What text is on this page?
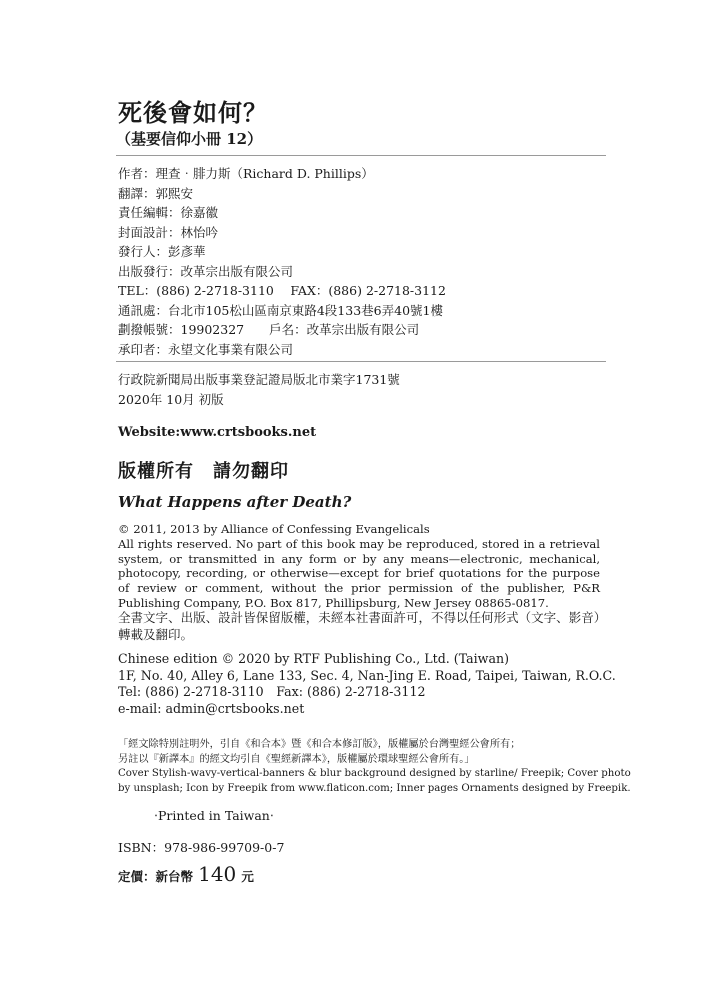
死後會如何？
（基要信仰小冊 12）
作者：理查‧腓力斯（Richard D. Phillips）
翻譯：郭熙安
責任編輯：徐嘉徽
封面設計：林怡吟
發行人：彭彥華
出版發行：改革宗出版有限公司
TEL：(886) 2-2718-3110　 FAX：(886) 2-2718-3112
通訊處：台北市105松山區南京東路4段133巷6弄40號1樓
劃撥帳號：19902327　　戶名：改革宗出版有限公司
承印者：永望文化事業有限公司
行政院新聞局出版事業登記證局版北市業字1731號
2020年 10月 初版
Website:www.crtsbooks.net
版權所有　請勿翻印
What Happens after Death?
© 2011, 2013 by Alliance of Confessing Evangelicals
All rights reserved. No part of this book may be reproduced, stored in a retrieval system, or transmitted in any form or by any means—electronic, mechanical, photocopy, recording, or otherwise—except for brief quotations for the purpose of review or comment, without the prior permission of the publisher, P&R Publishing Company, P.O. Box 817, Phillipsburg, New Jersey 08865-0817.
全書文字、出版、設計皆保留版權，未經本社書面許可，不得以任何形式（文字、影音）轉載及翻印。
Chinese edition © 2020 by RTF Publishing Co., Ltd. (Taiwan)
1F, No. 40, Alley 6, Lane 133, Sec. 4, Nan-Jing E. Road, Taipei, Taiwan, R.O.C.
Tel: (886) 2-2718-3110　Fax: (886) 2-2718-3112
e-mail: admin@crtsbooks.net
「經文除特別註明外，引自《和合本》暨《和合本修訂版》，版權屬於台灣聖經公會所有；
另註以『新譯本』的經文均引自《聖經新譯本》，版權屬於環球聖經公會所有。」
Cover Stylish-wavy-vertical-banners & blur background designed by starline/ Freepik; Cover photo
by unsplash; Icon by Freepik from www.flaticon.com; Inner pages Ornaments designed by Freepik.
‧Printed in Taiwan‧
ISBN：978-986-99709-0-7
定價：新台幣 140 元
